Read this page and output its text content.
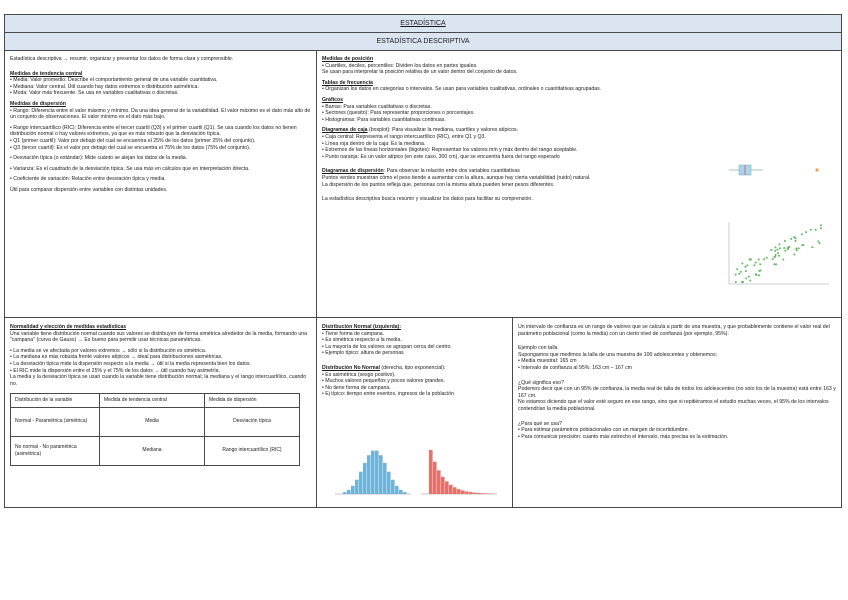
ESTADÍSTICA
ESTADÍSTICA DESCRIPTIVA

Estadística descriptiva → resumir, organizar y presentar los datos de forma clara y comprensible.

Medidas de tendencia central
• Media: Valor promedio. Describe el comportamiento general de una variable cuantitativa.
• Mediana: Valor central. Útil cuando hay datos extremos o distribución asimétrica.
• Moda: Valor más frecuente. Se usa en variables cualitativas o discretas.
Medidas de dispersión

• Rango: Diferencia entre el valor máximo y mínimo. Da una idea general de la variabilidad. El valor máximo es el dato más alto de un conjunto de observaciones. El valor mínimo es el dato más bajo.

• Rango intercuartílico (RIC): Diferencia entre el tercer cuartil (Q3) y el primer cuartil (Q1). Se usa cuando los datos no tienen distribución normal o hay valores extremos, ya que es más robusto que la desviación típica.
• Q1 (primer cuartil): Valor por debajo del cual se encuentra el 25% de los datos (primer 25% del conjunto).

• Q3 (tercer cuartil): Es el valor por debajo del cual se encuentra el 75% de los datos (75% del conjunto).

• Desviación típica (o estándar): Mide cuánto se alejan los datos de la media.

• Varianza: Es el cuadrado de la desviación típica. Se usa más en cálculos que en interpretación directa.

• Coeficiente de variación: Relación entre desviación típica y media.

Útil para comparar dispersión entre variables con distintas unidades.

Medidas de posición
• Cuartiles, deciles, percentiles: Dividen los datos en partes iguales.

Se usan para interpretar la posición relativa de un valor dentro del conjunto de datos.

Tablas de frecuencia

• Organizan los datos en categorías o intervalos. Se usan para variables cualitativas, ordinales o cuantitativas agrupadas.

Gráficos
• Barras: Para variables cualitativas o discretas.
• Sectores (quesito): Para representar proporciones o porcentajes.

• Histogramas: Para variables cuantitativas continuas.

Diagramas de caja (boxplot): Para visualizar la mediana, cuartiles y valores atípicos.
• Caja central: Representa el rango intercuartílico (RIC), entre Q1 y Q3.
• Línea roja dentro de la caja: Es la mediana.
• Extremos de las líneas horizontales (bigotes): Representan los valores mín y máx dentro del rango aceptable.

• Punto naranja: Es un valor atípico (en este caso, 300 cm), que se encuentra fuera del rango esperado

Diagramas de dispersión: Para observar la relación entre dos variables cuantitativas
Puntos verdes muestran cómo el peso tiende a aumentar con la altura, aunque hay cierta variabilidad (ruido) natural.

La dispersión de los puntos refleja que, personas con la misma altura pueden tener pesos diferentes.

La estadística descriptiva busca resumir y visualizar los datos para facilitar su comprensión.

Normalidad y elección de medidas estadísticas

Una variable tiene distribución normal cuando sus valores se distribuyen de forma simétrica alrededor de la media, formando una "campana" (curva de Gauss) → Es bueno para permitir usar técnicas paramétricas.

• La media se ve afectada por valores extremos → sólo si la distribución es simétrica.
• La mediana es más robusta frente valores atípicos → ideal para distribuciones asimétricas.
• La desviación típica mide la dispersión respecto a la media → útil si la media representa bien los datos.
• El RIC mide la dispersión entre el 25% y el 75% de los datos → útil cuando hay asimetría.

La media y la desviación típica se usan cuando la variable tiene distribución normal; la mediana y el rango intercuartílico, cuando no.

Distribución de la variable	Medida de tendencia central	Medida de dispersión
Normal - Paramétrica (simétrica)	Media	Desviación típica
No normal - No paramétrica (asimétrica)	Mediana	Rango intercuartílico (RIC)
Distribución Normal (izquierda):
• Tiene forma de campana.
• Es simétrica respecto a la media.
• La mayoría de los valores se agrupan cerca del centro.

• Ejemplo típico: altura de personas

Distribución No Normal (derecha, tipo exponencial):
• Es asimétrica (sesgo positivo).
• Muchos valores pequeños y pocos valores grandes.
• No tiene forma de campana.
• Ej típico: tiempo entre eventos, ingresos de la población

Un intervalo de confianza es un rango de valores que se calcula a partir de una muestra, y que probablemente contiene el valor real del parámetro poblacional (como la media) con un cierto nivel de confianza (por ejemplo, 95%).

Ejemplo con talla
Supongamos que medimos la talla de una muestra de 100 adolescentes y obtenemos:
• Media muestral: 165 cm

• Intervalo de confianza al 95%: 163 cm – 167 cm

¿Qué significa eso?
Podemos decir que con un 95% de confianza, la media real de talla de todos los adolescentes (no solo los de la muestra) está entre 163 y 167 cm.

No estamos diciendo que el valor esté seguro en ese rango, sino que si repitiéramos el estudio muchas veces, el 95% de los intervalos contendrían la media poblacional.

¿Para qué se usa?
• Para estimar parámetros poblacionales con un margen de incertidumbre.
• Para comunicar precisión: cuanto más estrecho el intervalo, más precisa es la estimación.
